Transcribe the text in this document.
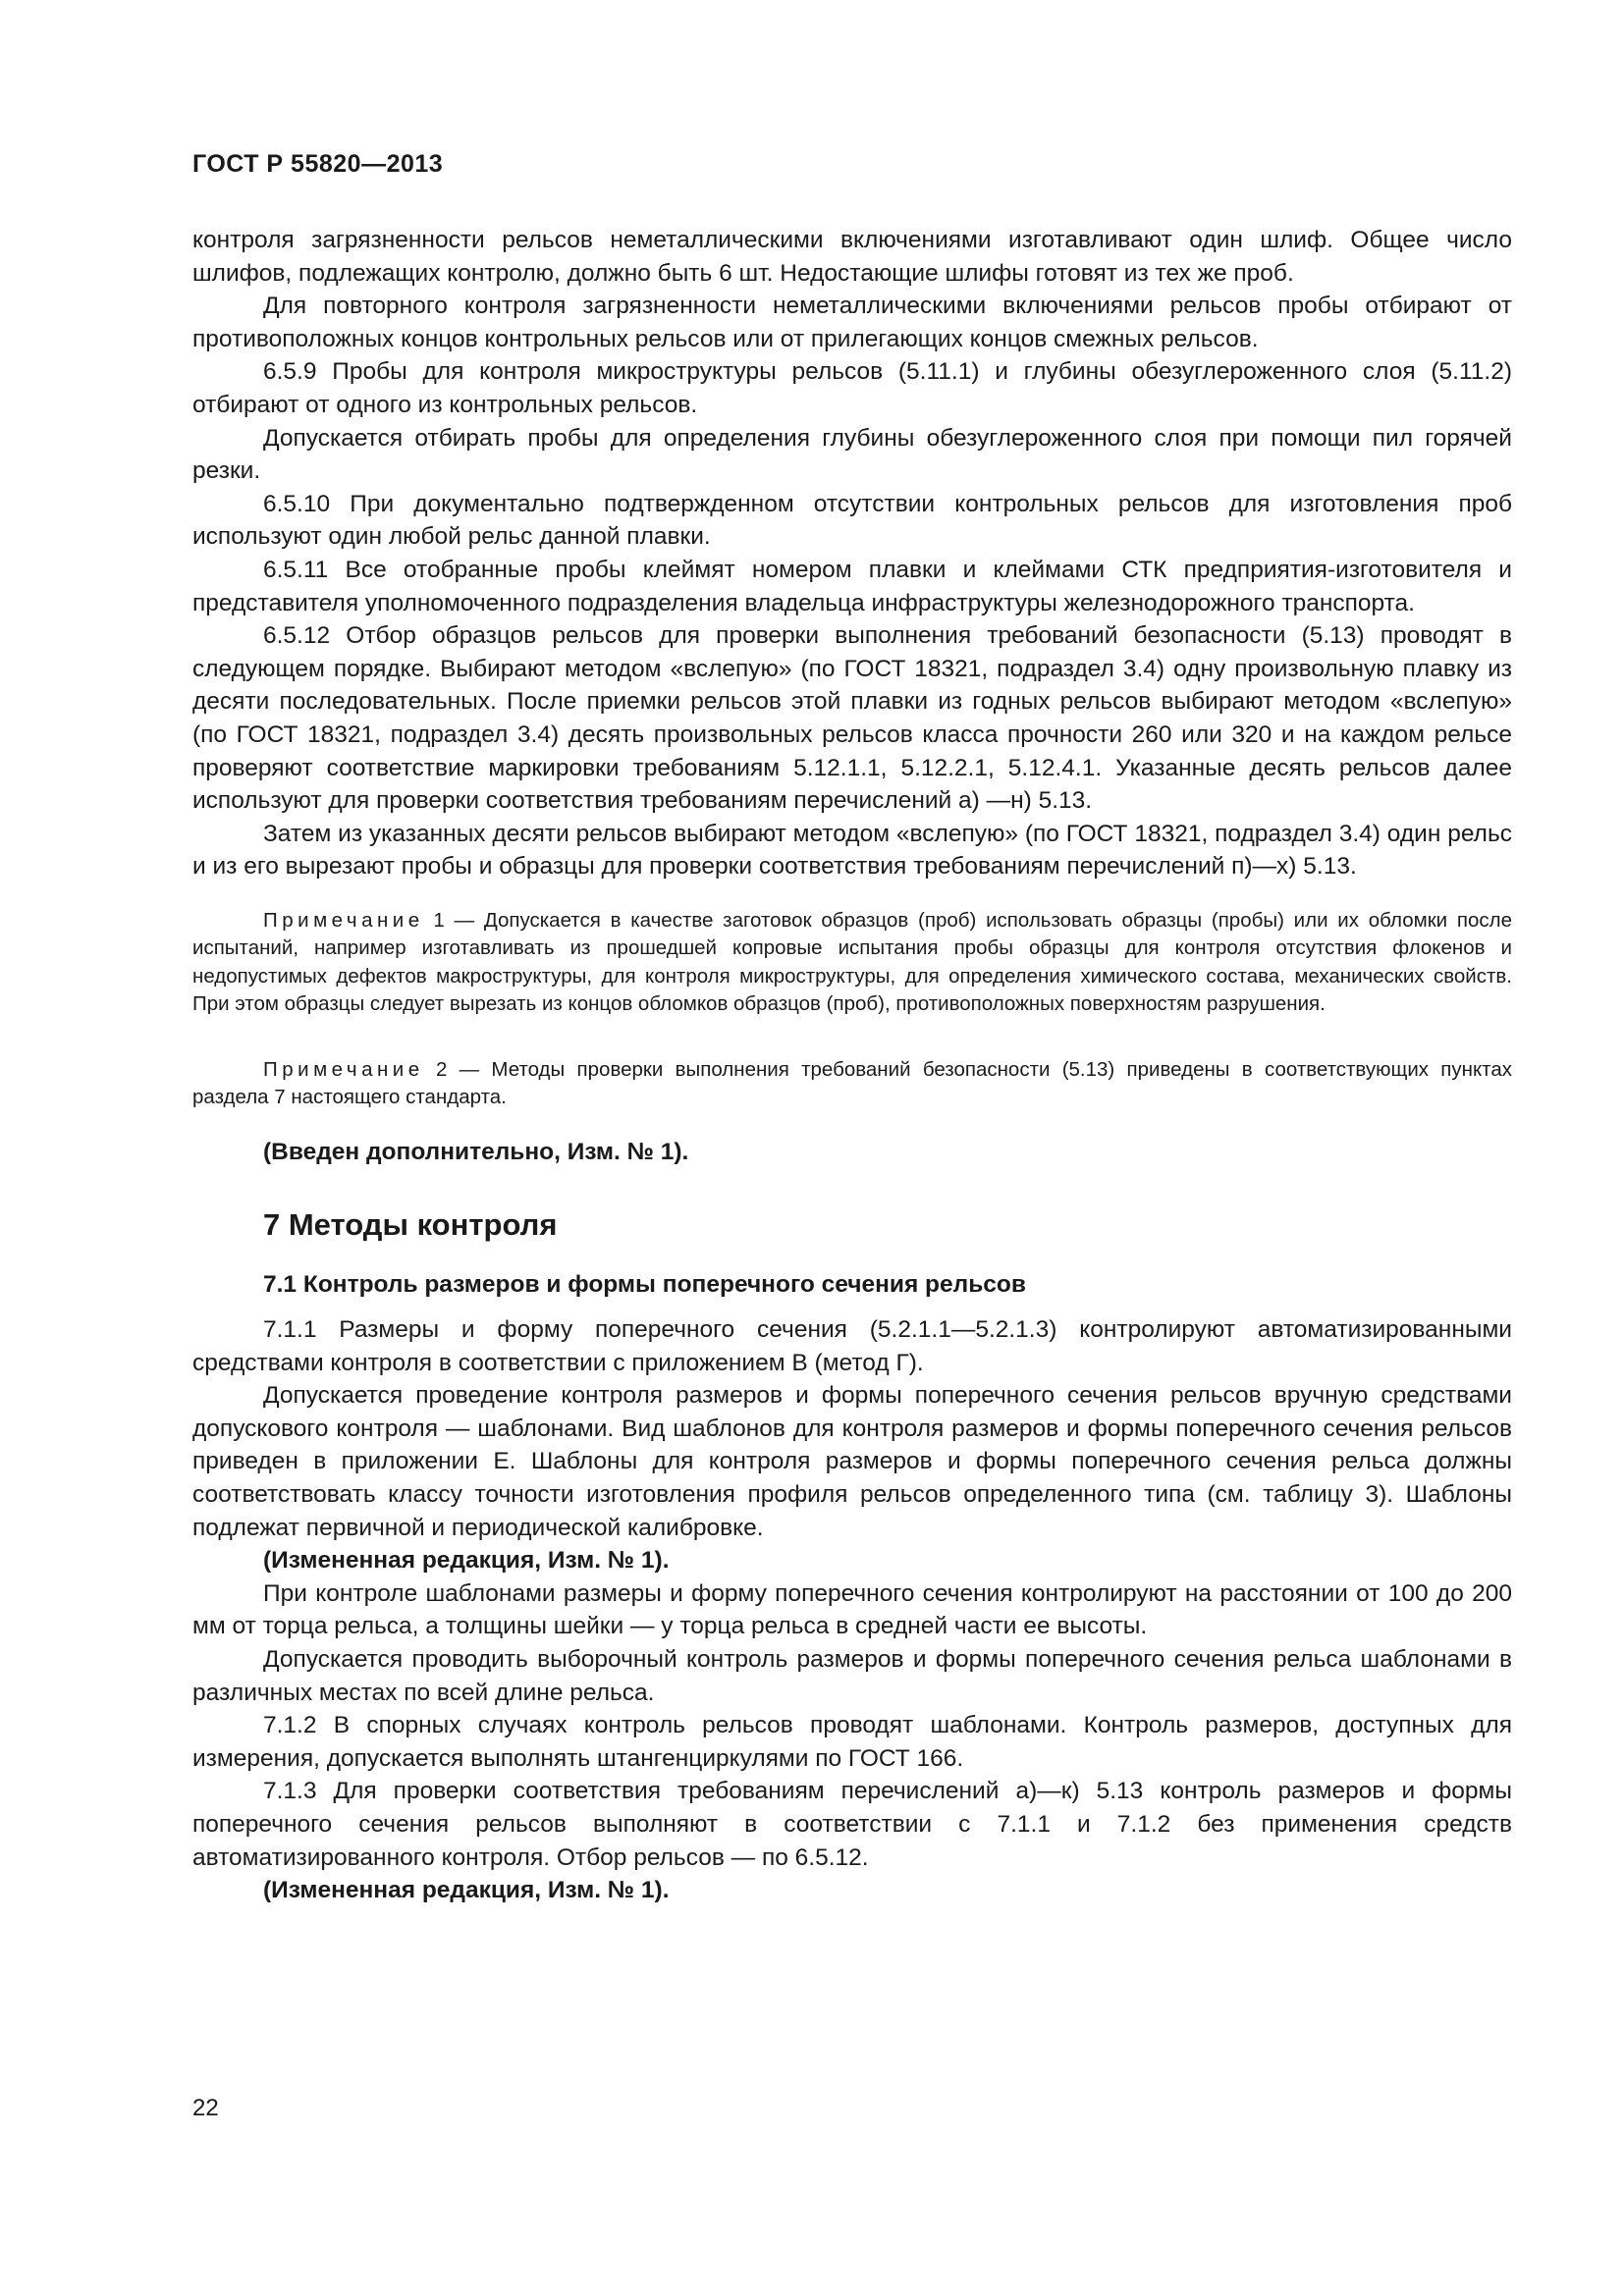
ГОСТ Р 55820—2013

контроля загрязненности рельсов неметаллическими включениями изготавливают один шлиф. Общее число шлифов, подлежащих контролю, должно быть 6 шт. Недостающие шлифы готовят из тех же проб.

Для повторного контроля загрязненности неметаллическими включениями рельсов пробы отбирают от противоположных концов контрольных рельсов или от прилегающих концов смежных рельсов.

6.5.9 Пробы для контроля микроструктуры рельсов (5.11.1) и глубины обезуглероженного слоя (5.11.2) отбирают от одного из контрольных рельсов.

Допускается отбирать пробы для определения глубины обезуглероженного слоя при помощи пил горячей резки.

6.5.10 При документально подтвержденном отсутствии контрольных рельсов для изготовления проб используют один любой рельс данной плавки.

6.5.11 Все отобранные пробы клеймят номером плавки и клеймами СТК предприятия-изготовителя и представителя уполномоченного подразделения владельца инфраструктуры железнодорожного транспорта.

6.5.12 Отбор образцов рельсов для проверки выполнения требований безопасности (5.13) проводят в следующем порядке. Выбирают методом «вслепую» (по ГОСТ 18321, подраздел 3.4) одну произвольную плавку из десяти последовательных. После приемки рельсов этой плавки из годных рельсов выбирают методом «вслепую» (по ГОСТ 18321, подраздел 3.4) десять произвольных рельсов класса прочности 260 или 320 и на каждом рельсе проверяют соответствие маркировки требованиям 5.12.1.1, 5.12.2.1, 5.12.4.1. Указанные десять рельсов далее используют для проверки соответствия требованиям перечислений а) —н) 5.13.

Затем из указанных десяти рельсов выбирают методом «вслепую» (по ГОСТ 18321, подраздел 3.4) один рельс и из его вырезают пробы и образцы для проверки соответствия требованиям перечислений п)—х) 5.13.

Примечание 1 — Допускается в качестве заготовок образцов (проб) использовать образцы (пробы) или их обломки после испытаний, например изготавливать из прошедшей копровые испытания пробы образцы для контроля отсутствия флокенов и недопустимых дефектов макроструктуры, для контроля микроструктуры, для определения химического состава, механических свойств. При этом образцы следует вырезать из концов обломков образцов (проб), противоположных поверхностям разрушения.

Примечание 2 — Методы проверки выполнения требований безопасности (5.13) приведены в соответствующих пунктах раздела 7 настоящего стандарта.

(Введен дополнительно, Изм. № 1).

7 Методы контроля

7.1 Контроль размеров и формы поперечного сечения рельсов

7.1.1 Размеры и форму поперечного сечения (5.2.1.1—5.2.1.3) контролируют автоматизированными средствами контроля в соответствии с приложением В (метод Г).

Допускается проведение контроля размеров и формы поперечного сечения рельсов вручную средствами допускового контроля — шаблонами. Вид шаблонов для контроля размеров и формы поперечного сечения рельсов приведен в приложении Е. Шаблоны для контроля размеров и формы поперечного сечения рельса должны соответствовать классу точности изготовления профиля рельсов определенного типа (см. таблицу 3). Шаблоны подлежат первичной и периодической калибровке.

(Измененная редакция, Изм. № 1).

При контроле шаблонами размеры и форму поперечного сечения контролируют на расстоянии от 100 до 200 мм от торца рельса, а толщины шейки — у торца рельса в средней части ее высоты.

Допускается проводить выборочный контроль размеров и формы поперечного сечения рельса шаблонами в различных местах по всей длине рельса.

7.1.2 В спорных случаях контроль рельсов проводят шаблонами. Контроль размеров, доступных для измерения, допускается выполнять штангенциркулями по ГОСТ 166.

7.1.3 Для проверки соответствия требованиям перечислений а)—к) 5.13 контроль размеров и формы поперечного сечения рельсов выполняют в соответствии с 7.1.1 и 7.1.2 без применения средств автоматизированного контроля. Отбор рельсов — по 6.5.12.

(Измененная редакция, Изм. № 1).

22
